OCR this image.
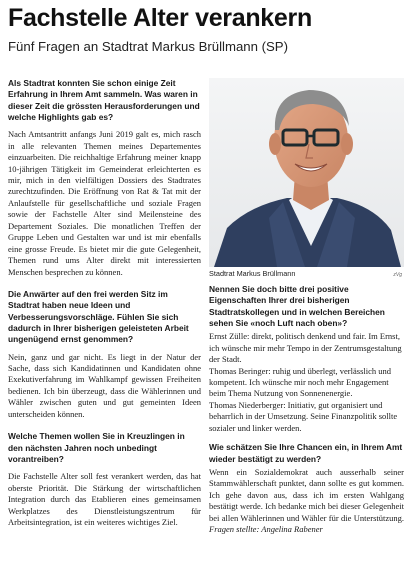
Fachstelle Alter verankern
Fünf Fragen an Stadtrat Markus Brüllmann (SP)

Als Stadtrat konnten Sie schon einige Zeit Erfahrung in Ihrem Amt sammeln. Was waren in dieser Zeit die grössten Herausforderungen und welche Highlights gab es?

Nach Amtsantritt anfangs Juni 2019 galt es, mich rasch in alle relevanten Themen meines Departementes einzuarbeiten. Die reichhaltige Erfahrung meiner knapp 10-jährigen Tätigkeit im Gemeinderat erleichterten es mir, mich in den vielfältigen Dossiers des Stadtrates zurechtzufinden. Die Eröffnung von Rat & Tat mit der Anlaufstelle für gesellschaftliche und soziale Fragen sowie der Fachstelle Alter sind Meilensteine des Departement Soziales. Die monatlichen Treffen der Gruppe Leben und Gestalten war und ist mir ebenfalls eine grosse Freude. Es bietet mir die gute Gelegenheit, Themen rund ums Alter direkt mit interessierten Menschen besprechen zu können.

Die Anwärter auf den frei werden Sitz im Stadtrat haben neue Ideen und Verbesserungsvorschläge. Fühlen Sie sich dadurch in Ihrer bisherigen geleisteten Arbeit ungenügend ernst genommen?

Nein, ganz und gar nicht. Es liegt in der Natur der Sache, dass sich Kandidatinnen und Kandidaten ohne Exekutiverfahrung im Wahlkampf gewissen Freiheiten bedienen. Ich bin überzeugt, dass die Wählerinnen und Wähler zwischen guten und gut gemeinten Ideen unterscheiden können.

Welche Themen wollen Sie in Kreuzlingen in den nächsten Jahren noch unbedingt vorantreiben?

Die Fachstelle Alter soll fest verankert werden, das hat oberste Priorität. Die Stärkung der wirtschaftlichen Integration durch das Etablieren eines gemeinsamen Werkplatzes des Dienstleistungszentrum für Arbeitsintegration, ist ein weiteres wichtiges Ziel.

Stadtrat Markus Brüllmann	zVg

Nennen Sie doch bitte drei positive Eigenschaften Ihrer drei bisherigen Stadtratskollegen und in welchen Bereichen sehen Sie «noch Luft nach oben»?

Ernst Zülle: direkt, politisch denkend und fair. Im Ernst, ich wünsche mir mehr Tempo in der Zentrumsgestaltung der Stadt.
Thomas Beringer: ruhig und überlegt, verlässlich und kompetent. Ich wünsche mir noch mehr Engagement beim Thema Nutzung von Sonnenenergie.
Thomas Niederberger: Initiativ, gut organisiert und beharrlich in der Umsetzung. Seine Finanzpolitik sollte sozialer und linker werden.

Wie schätzen Sie Ihre Chancen ein, in Ihrem Amt wieder bestätigt zu werden?

Wenn ein Sozialdemokrat auch ausserhalb seiner Stammwählerschaft punktet, dann sollte es gut kommen. Ich gehe davon aus, dass ich im ersten Wahlgang bestätigt werde. Ich bedanke mich bei dieser Gelegenheit bei allen Wählerinnen und Wähler für die Unterstützung. Fragen stellte: Angelina Rabener
